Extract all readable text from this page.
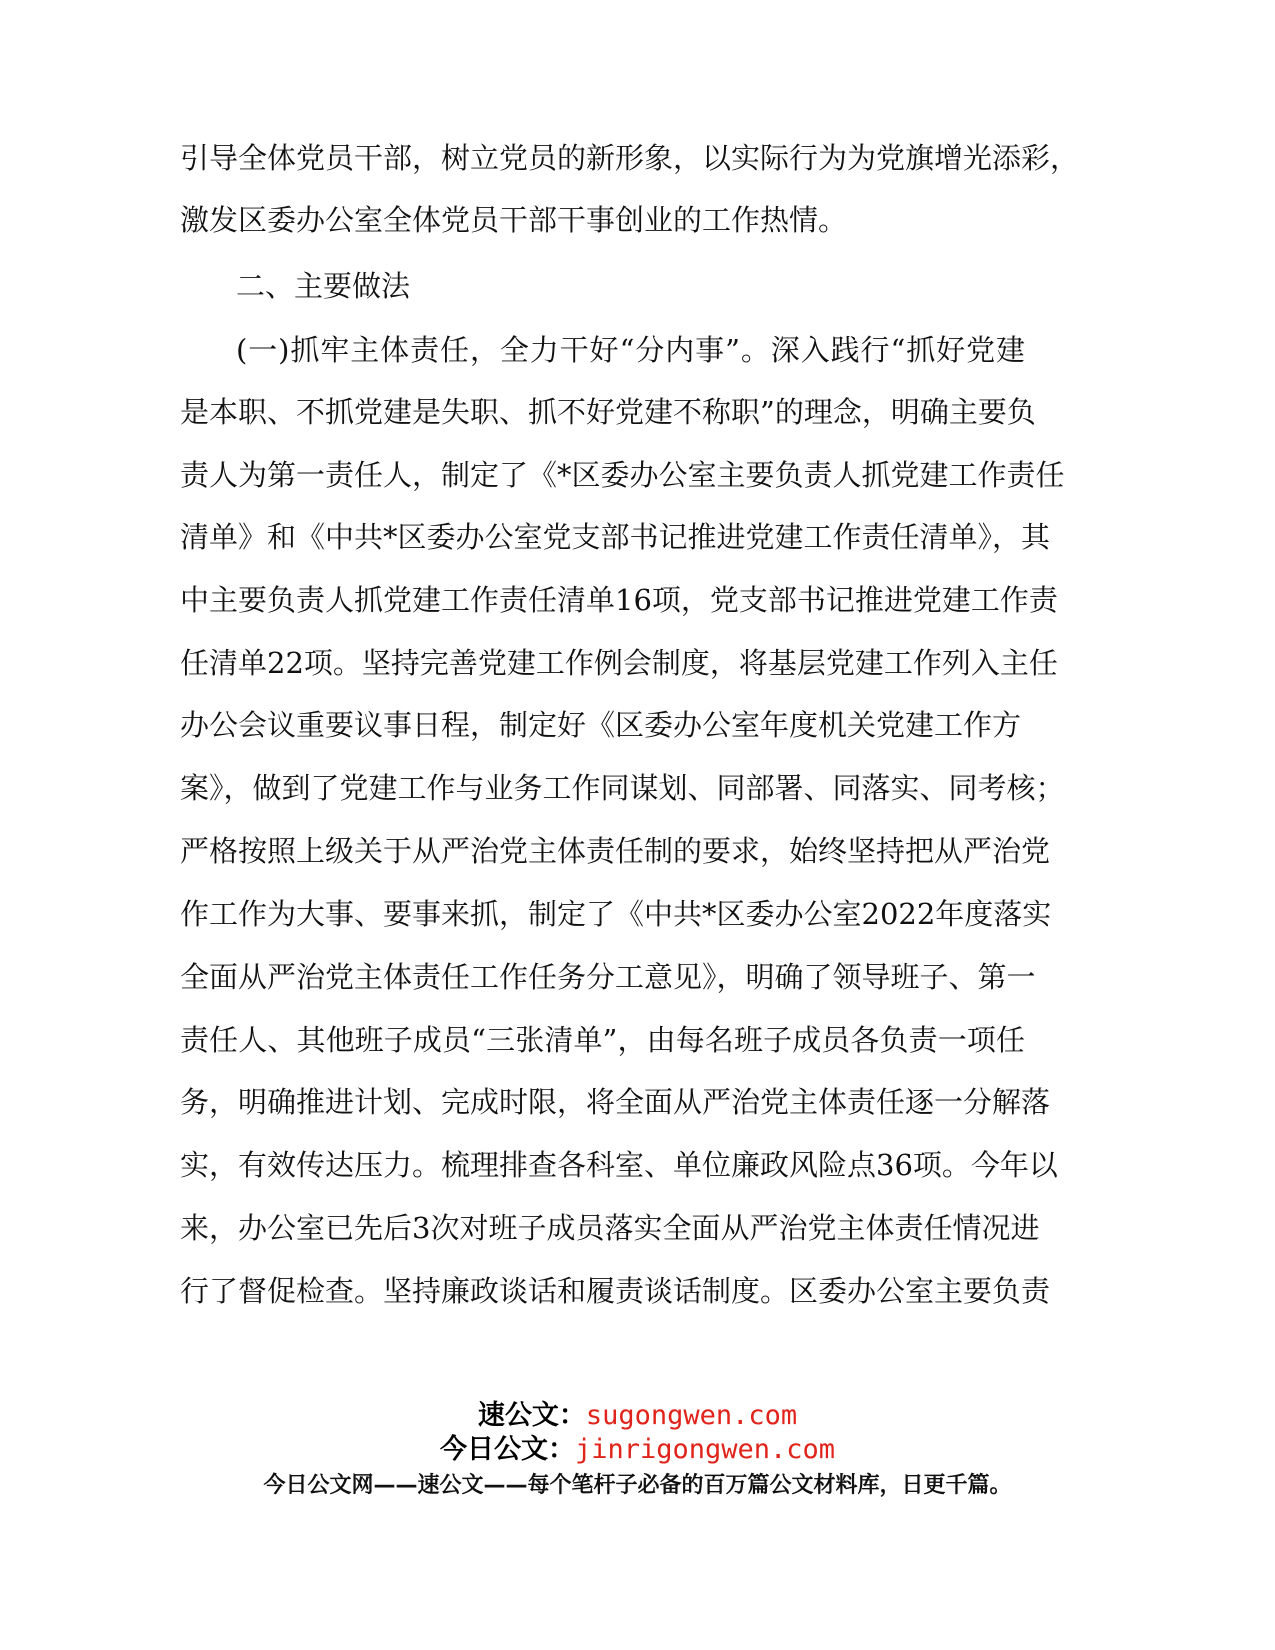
引导全体党员干部，树立党员的新形象，以实际行为为党旗增光添彩，
激发区委办公室全体党员干部干事创业的工作热情。
二、主要做法
(一)抓牢主体责任，全力干好“分内事”。深入践行“抓好党建
是本职、不抓党建是失职、抓不好党建不称职”的理念，明确主要负
责人为第一责任人，制定了《*区委办公室主要负责人抓党建工作责任
清单》和《中共*区委办公室党支部书记推进党建工作责任清单》，其
中主要负责人抓党建工作责任清单16项，党支部书记推进党建工作责
任清单22项。坚持完善党建工作例会制度，将基层党建工作列入主任
办公会议重要议事日程，制定好《区委办公室年度机关党建工作方
案》，做到了党建工作与业务工作同谋划、同部署、同落实、同考核；
严格按照上级关于从严治党主体责任制的要求，始终坚持把从严治党
作工作为大事、要事来抓，制定了《中共*区委办公室2022年度落实
全面从严治党主体责任工作任务分工意见》，明确了领导班子、第一
责任人、其他班子成员“三张清单”，由每名班子成员各负责一项任
务，明确推进计划、完成时限，将全面从严治党主体责任逐一分解落
实，有效传达压力。梳理排查各科室、单位廉政风险点36项。今年以
来，办公室已先后3次对班子成员落实全面从严治党主体责任情况进
行了督促检查。坚持廉政谈话和履责谈话制度。区委办公室主要负责
速公文：sugongwen.com
今日公文：jinrigongwen.com
今日公文网——速公文——每个笔杆子必备的百万篇公文材料库，日更千篇。
